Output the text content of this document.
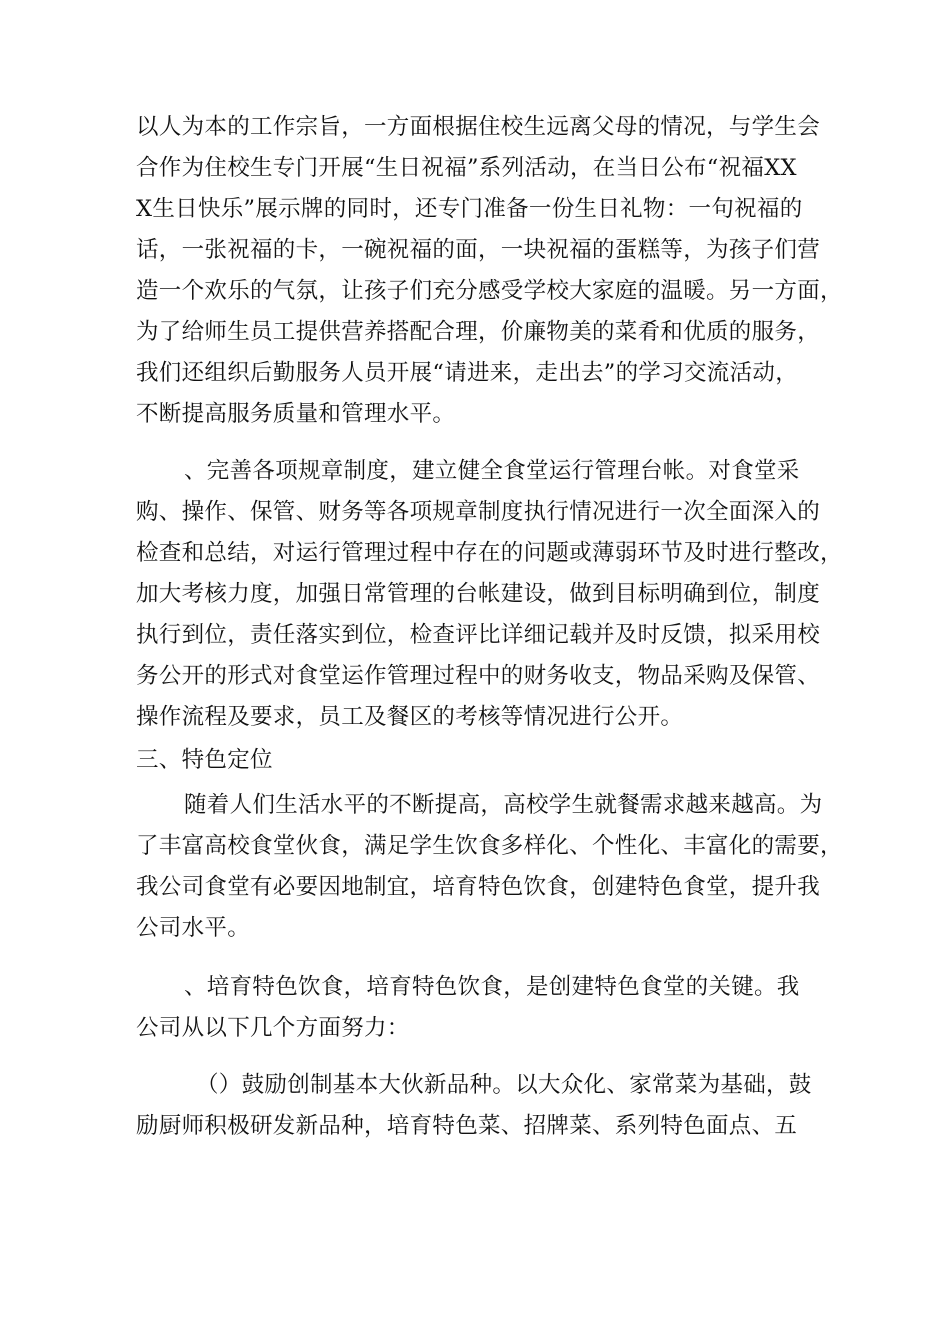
以人为本的工作宗旨，一方面根据住校生远离父母的情况，与学生会
合作为住校生专门开展“生日祝福”系列活动，在当日公布“祝福XX
X生日快乐”展示牌的同时，还专门准备一份生日礼物：一句祝福的
话，一张祝福的卡，一碗祝福的面，一块祝福的蛋糕等，为孩子们营
造一个欢乐的气氛，让孩子们充分感受学校大家庭的温暖。另一方面，
为了给师生员工提供营养搭配合理，价廉物美的菜肴和优质的服务，
我们还组织后勤服务人员开展“请进来，走出去”的学习交流活动，
不断提高服务质量和管理水平。
、完善各项规章制度，建立健全食堂运行管理台帐。对食堂采
购、操作、保管、财务等各项规章制度执行情况进行一次全面深入的
检查和总结，对运行管理过程中存在的问题或薄弱环节及时进行整改，
加大考核力度，加强日常管理的台帐建设，做到目标明确到位，制度
执行到位，责任落实到位，检查评比详细记载并及时反馈，拟采用校
务公开的形式对食堂运作管理过程中的财务收支，物品采购及保管、
操作流程及要求，员工及餐区的考核等情况进行公开。
三、特色定位
随着人们生活水平的不断提高，高校学生就餐需求越来越高。为
了丰富高校食堂伙食，满足学生饮食多样化、个性化、丰富化的需要，
我公司食堂有必要因地制宜，培育特色饮食，创建特色食堂，提升我
公司水平。
、培育特色饮食，培育特色饮食，是创建特色食堂的关键。我
公司从以下几个方面努力：
（）鼓励创制基本大伙新品种。以大众化、家常菜为基础，鼓
励厨师积极研发新品种，培育特色菜、招牌菜、系列特色面点、五
